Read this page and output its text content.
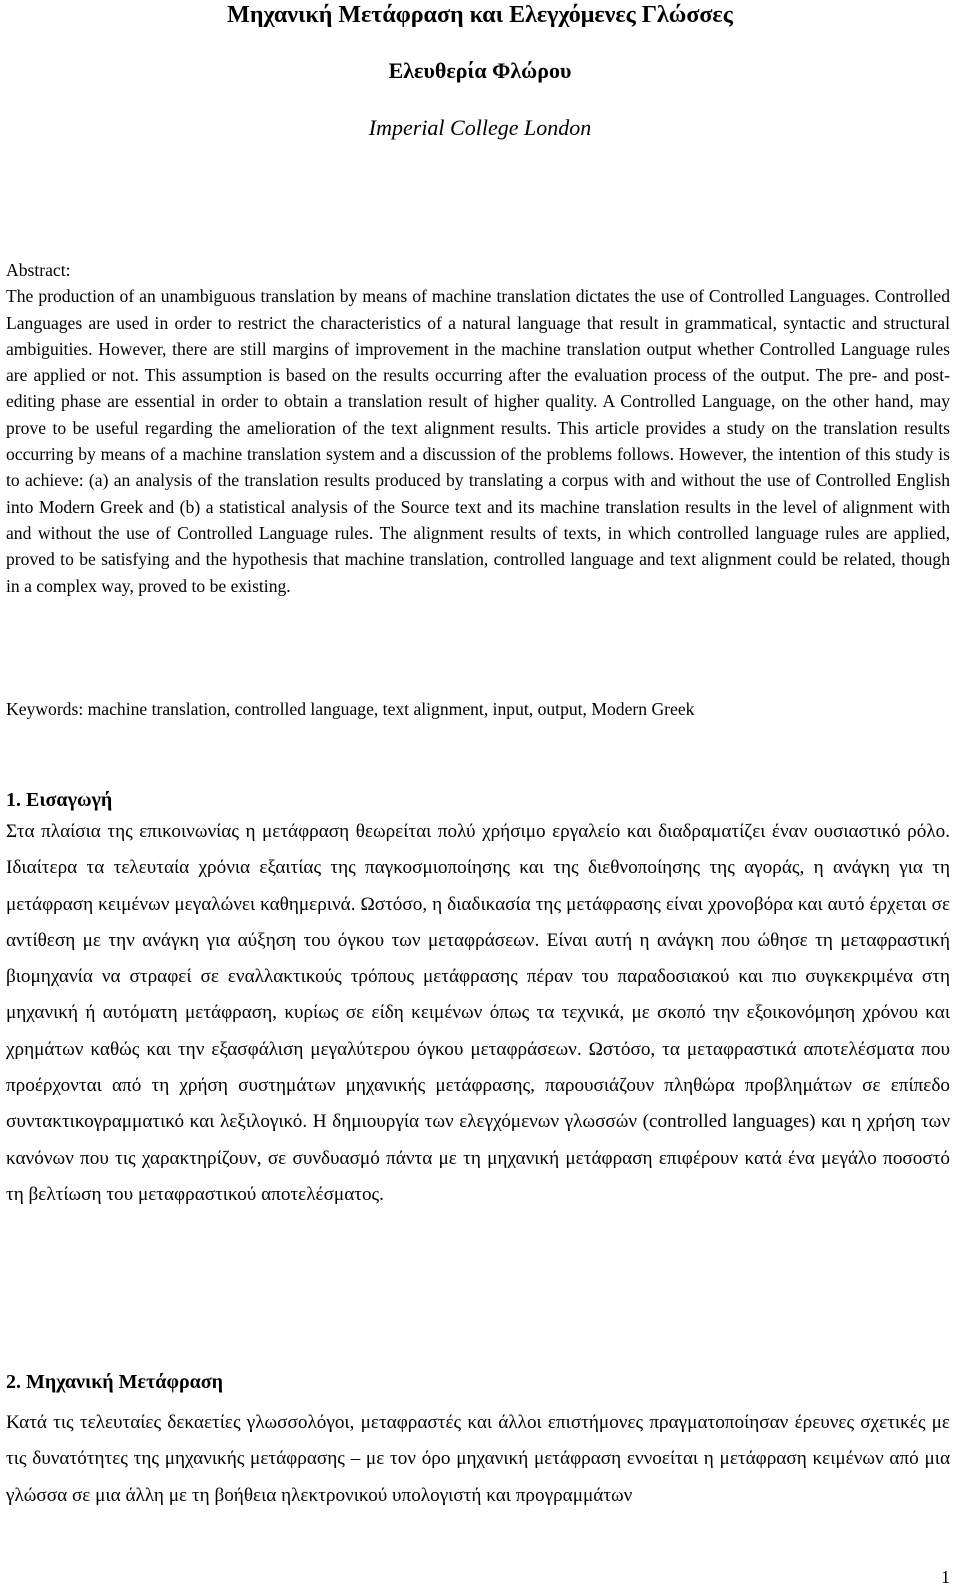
Μηχανική Μετάφραση και Ελεγχόμενες Γλώσσες
Ελευθερία Φλώρου
Imperial College London

Abstract:

The production of an unambiguous translation by means of machine translation dictates the use of Controlled Languages. Controlled Languages are used in order to restrict the characteristics of a natural language that result in grammatical, syntactic and structural ambiguities. However, there are still margins of improvement in the machine translation output whether Controlled Language rules are applied or not. This assumption is based on the results occurring after the evaluation process of the output. The pre- and post-editing phase are essential in order to obtain a translation result of higher quality. A Controlled Language, on the other hand, may prove to be useful regarding the amelioration of the text alignment results. This article provides a study on the translation results occurring by means of a machine translation system and a discussion of the problems follows. However, the intention of this study is to achieve: (a) an analysis of the translation results produced by translating a corpus with and without the use of Controlled English into Modern Greek and (b) a statistical analysis of the Source text and its machine translation results in the level of alignment with and without the use of Controlled Language rules. The alignment results of texts, in which controlled language rules are applied, proved to be satisfying and the hypothesis that machine translation, controlled language and text alignment could be related, though in a complex way, proved to be existing.

Keywords: machine translation, controlled language, text alignment, input, output, Modern Greek
1. Εισαγωγή

Στα πλαίσια της επικοινωνίας η μετάφραση θεωρείται πολύ χρήσιμο εργαλείο και διαδραματίζει έναν ουσιαστικό ρόλο. Ιδιαίτερα τα τελευταία χρόνια εξαιτίας της παγκοσμιοποίησης και της διεθνοποίησης της αγοράς, η ανάγκη για τη μετάφραση κειμένων μεγαλώνει καθημερινά. Ωστόσο, η διαδικασία της μετάφρασης είναι χρονοβόρα και αυτό έρχεται σε αντίθεση με την ανάγκη για αύξηση του όγκου των μεταφράσεων. Είναι αυτή η ανάγκη που ώθησε τη μεταφραστική βιομηχανία να στραφεί σε εναλλακτικούς τρόπους μετάφρασης πέραν του παραδοσιακού και πιο συγκεκριμένα στη μηχανική ή αυτόματη μετάφραση, κυρίως σε είδη κειμένων όπως τα τεχνικά, με σκοπό την εξοικονόμηση χρόνου και χρημάτων καθώς και την εξασφάλιση μεγαλύτερου όγκου μεταφράσεων. Ωστόσο, τα μεταφραστικά αποτελέσματα που προέρχονται από τη χρήση συστημάτων μηχανικής μετάφρασης, παρουσιάζουν πληθώρα προβλημάτων σε επίπεδο συντακτικογραμματικό και λεξιλογικό. Η δημιουργία των ελεγχόμενων γλωσσών (controlled languages) και η χρήση των κανόνων που τις χαρακτηρίζουν, σε συνδυασμό πάντα με τη μηχανική μετάφραση επιφέρουν κατά ένα μεγάλο ποσοστό τη βελτίωση του μεταφραστικού αποτελέσματος.

2. Μηχανική Μετάφραση

Κατά τις τελευταίες δεκαετίες γλωσσολόγοι, μεταφραστές και άλλοι επιστήμονες πραγματοποίησαν έρευνες σχετικές με τις δυνατότητες της μηχανικής μετάφρασης – με τον όρο μηχανική μετάφραση εννοείται η μετάφραση κειμένων από μια γλώσσα σε μια άλλη με τη βοήθεια ηλεκτρονικού υπολογιστή και προγραμμάτων

1
